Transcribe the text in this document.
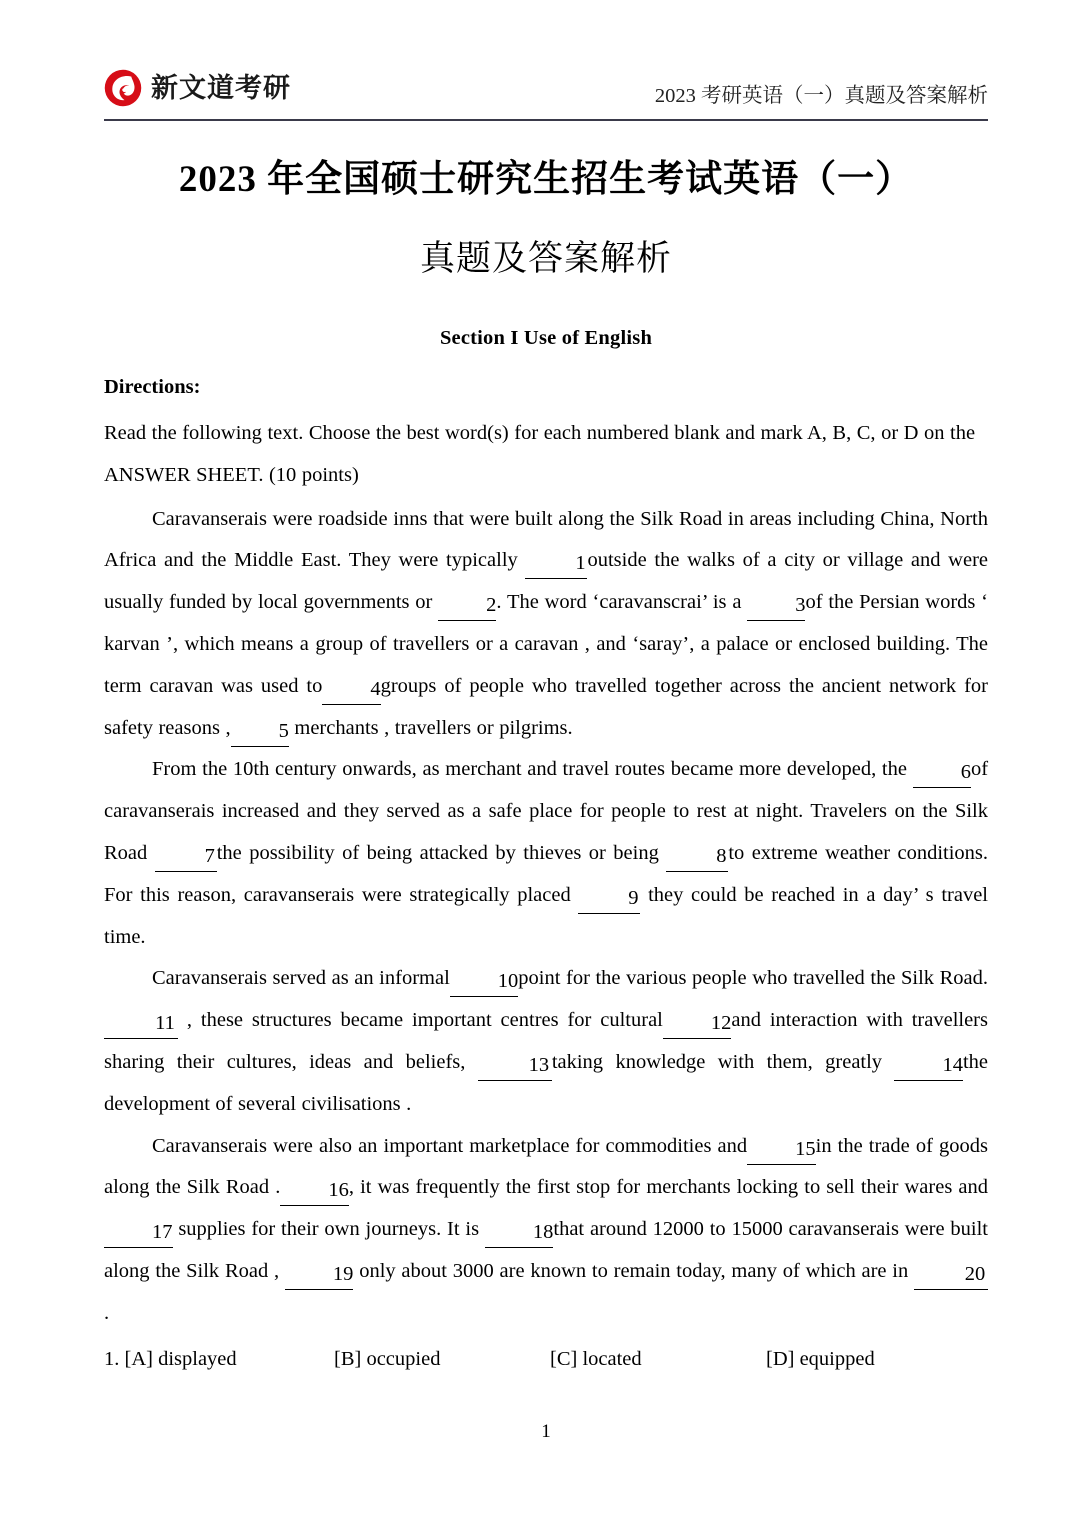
新文道考研	2023 考研英语（一）真题及答案解析
2023 年全国硕士研究生招生考试英语（一）
真题及答案解析
Section I Use of English
Directions:

Read the following text. Choose the best word(s) for each numbered blank and mark A, B, C, or D on the ANSWER SHEET. (10 points)

Caravanserais were roadside inns that were built along the Silk Road in areas including China, North Africa and the Middle East. They were typically	1outside the walks of a city or village and were usually funded by local governments or	2. The word ‘caravanscrai’ is a	3of the Persian words ‘ karvan ’, which means a group of travellers or a caravan , and ‘saray’, a palace or enclosed building. The term caravan was used to 4groups of people who travelled together across the ancient network for safety reasons , 5 merchants , travellers or pilgrims.

From the 10th century onwards, as merchant and travel routes became more developed, the	6of caravanserais increased and they served as a safe place for people to rest at night. Travelers on the Silk Road	7the possibility of being attacked by thieves or being	8to extreme weather conditions. For this reason, caravanserais were strategically placed	9 they could be reached in a day’ s travel time.

Caravanserais served as an informal 10point for the various people who travelled the Silk Road. 11 , these structures became important centres for cultural 12and interaction with travellers sharing their cultures, ideas and beliefs,	13 taking knowledge with them, greatly	14the development of several civilisations .

Caravanserais were also an important marketplace for commodities and 15in the trade of goods along the Silk Road . 16, it was frequently the first stop for merchants locking to sell their wares and 17 supplies for their own journeys. It is	18that around 12000 to 15000 caravanserais were built along the Silk Road ,	19 only about 3000 are known to remain today, many of which are in	20.

1. [A] displayed	[B] occupied	[C] located	[D] equipped
1
